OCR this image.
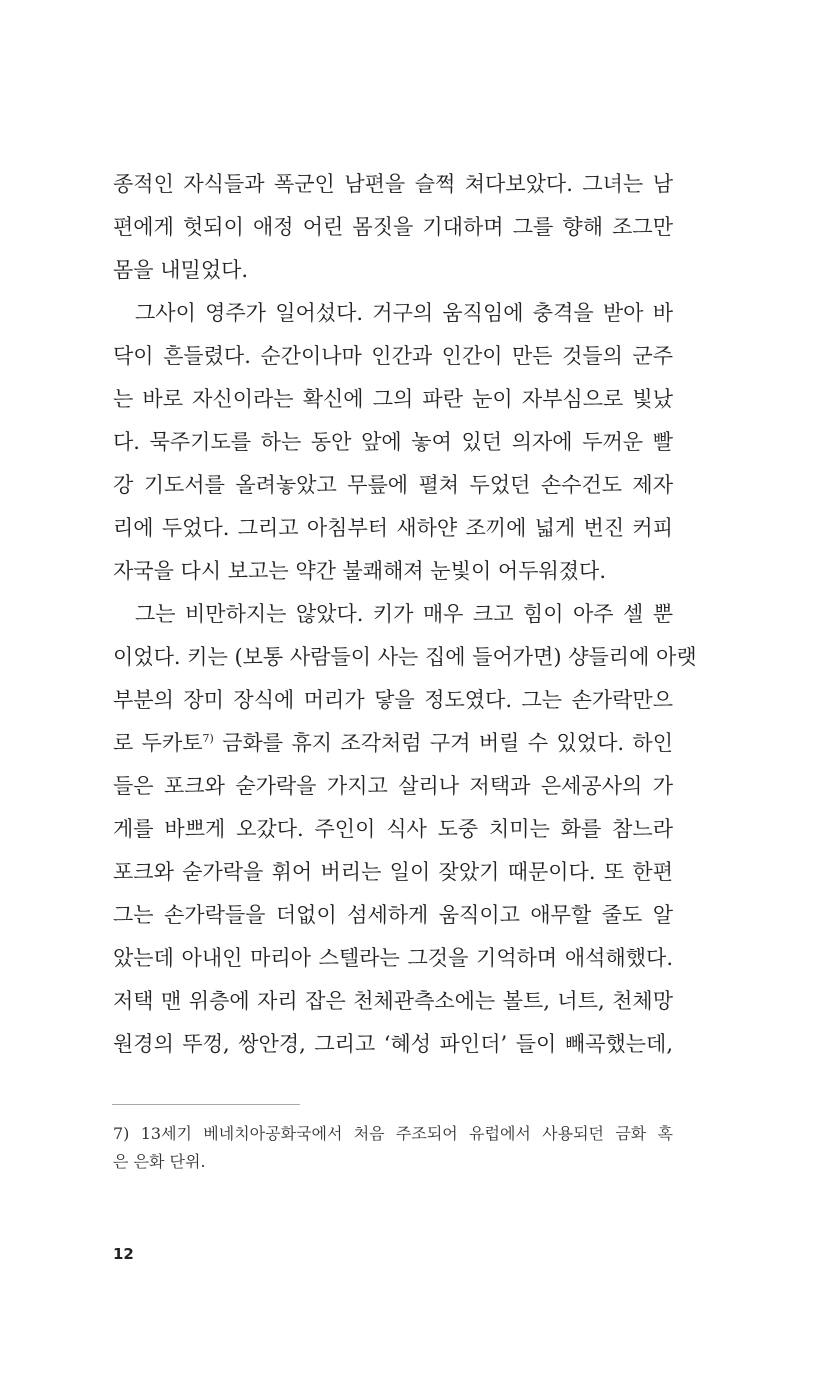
종적인 자식들과 폭군인 남편을 슬쩍 쳐다보았다. 그녀는 남
편에게 헛되이 애정 어린 몸짓을 기대하며 그를 향해 조그만
몸을 내밀었다.
그사이 영주가 일어섰다. 거구의 움직임에 충격을 받아 바
닥이 흔들렸다. 순간이나마 인간과 인간이 만든 것들의 군주
는 바로 자신이라는 확신에 그의 파란 눈이 자부심으로 빛났
다. 묵주기도를 하는 동안 앞에 놓여 있던 의자에 두꺼운 빨
강 기도서를 올려놓았고 무릎에 펼쳐 두었던 손수건도 제자
리에 두었다. 그리고 아침부터 새하얀 조끼에 넓게 번진 커피
자국을 다시 보고는 약간 불쾌해져 눈빛이 어두워졌다.
그는 비만하지는 않았다. 키가 매우 크고 힘이 아주 셀 뿐
이었다. 키는 (보통 사람들이 사는 집에 들어가면) 샹들리에 아랫
부분의 장미 장식에 머리가 닿을 정도였다. 그는 손가락만으
로 두카토$^{7)}$ 금화를 휴지 조각처럼 구겨 버릴 수 있었다. 하인
들은 포크와 숟가락을 가지고 살리나 저택과 은세공사의 가
게를 바쁘게 오갔다. 주인이 식사 도중 치미는 화를 참느라
포크와 숟가락을 휘어 버리는 일이 잦았기 때문이다. 또 한편
그는 손가락들을 더없이 섬세하게 움직이고 애무할 줄도 알
았는데 아내인 마리아 스텔라는 그것을 기억하며 애석해했다.
저택 맨 위층에 자리 잡은 천체관측소에는 볼트, 너트, 천체망
원경의 뚜껑, 쌍안경, 그리고 ‘혜성 파인더’ 들이 빼곡했는데,
7) 13세기 베네치아공화국에서 처음 주조되어 유럽에서 사용되던 금화 혹
은 은화 단위.
12
